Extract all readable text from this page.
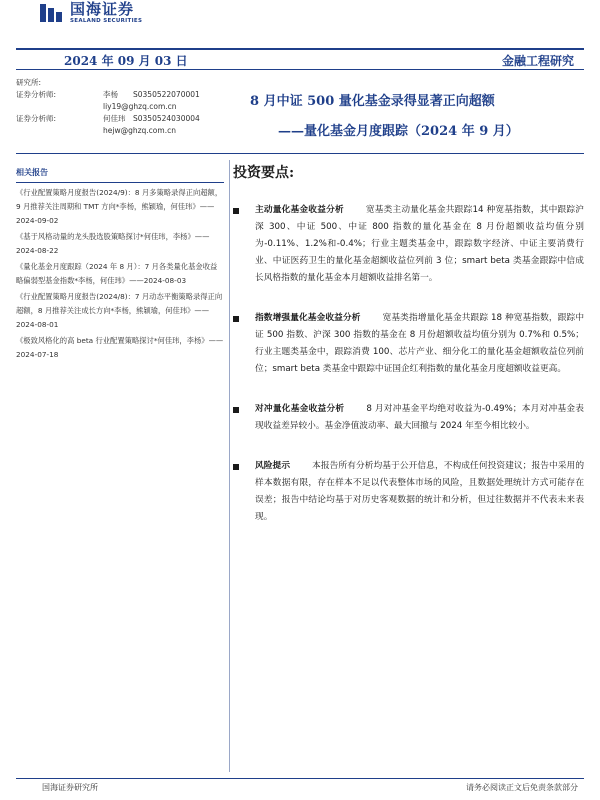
国海证券
SEALAND SECURITIES
2024 年 09 月 03 日	金融工程研究
研究所:
证券分析师:	李杨	S0350522070001
liy19@ghzq.com.cn
证券分析师:	何佳玮	S0350524030004
hejw@ghzq.com.cn
8 月中证 500 量化基金录得显著正向超额
——量化基金月度跟踪（2024 年 9 月）
相关报告
《行业配置策略月度报告(2024/9)：8 月多策略录得正向超额，9 月推荐关注周期和 TMT 方向*李杨，熊颖瑜，何佳玮》——2024-09-02
《基于风格动量的龙头股选股策略探讨*何佳玮，李杨》——2024-08-22
《量化基金月度跟踪（2024 年 8 月）：7 月各类量化基金收益略偏弱型基金指数*李杨，何佳玮》——2024-08-03
《行业配置策略月度报告(2024/8)：7 月动态平衡策略录得正向超额，8 月推荐关注成长方向*李杨，熊颖瑜，何佳玮》——2024-08-01
《极致风格化的高 beta 行业配置策略探讨*何佳玮，李杨》——2024-07-18
投资要点:
主动量化基金收益分析	宽基类主动量化基金共跟踪14 种宽基指数，其中跟踪沪深 300、中证 500、中证 800 指数的量化基金在 8 月份超额收益均值分别为-0.11%、1.2%和-0.4%；行业主题类基金中，跟踪数字经济、中证主要消费行业、中证医药卫生的量化基金超额收益位列前 3 位；smart beta 类基金跟踪中信成长风格指数的量化基金本月超额收益排名第一。
指数增强量化基金收益分析	宽基类指增量化基金共跟踪 18 种宽基指数，跟踪中证 500 指数、沪深 300 指数的基金在 8 月份超额收益均值分别为 0.7%和 0.5%；行业主题类基金中，跟踪消费 100、芯片产业、细分化工的量化基金超额收益位列前位；smart beta 类基金中跟踪中证国企红利指数的量化基金月度超额收益更高。
对冲量化基金收益分析	8 月对冲基金平均绝对收益为-0.49%；本月对冲基金表现收益差异较小。基金净值波动率、最大回撤与 2024 年至今相比较小。
风险提示	本报告所有分析均基于公开信息，不构成任何投资建议；报告中采用的样本数据有限，存在样本不足以代表整体市场的风险，且数据处理统计方式可能存在误差；报告中结论均基于对历史客观数据的统计和分析，但过往数据并不代表未来表现。
国海证券研究所	请务必阅读正文后免责条款部分
